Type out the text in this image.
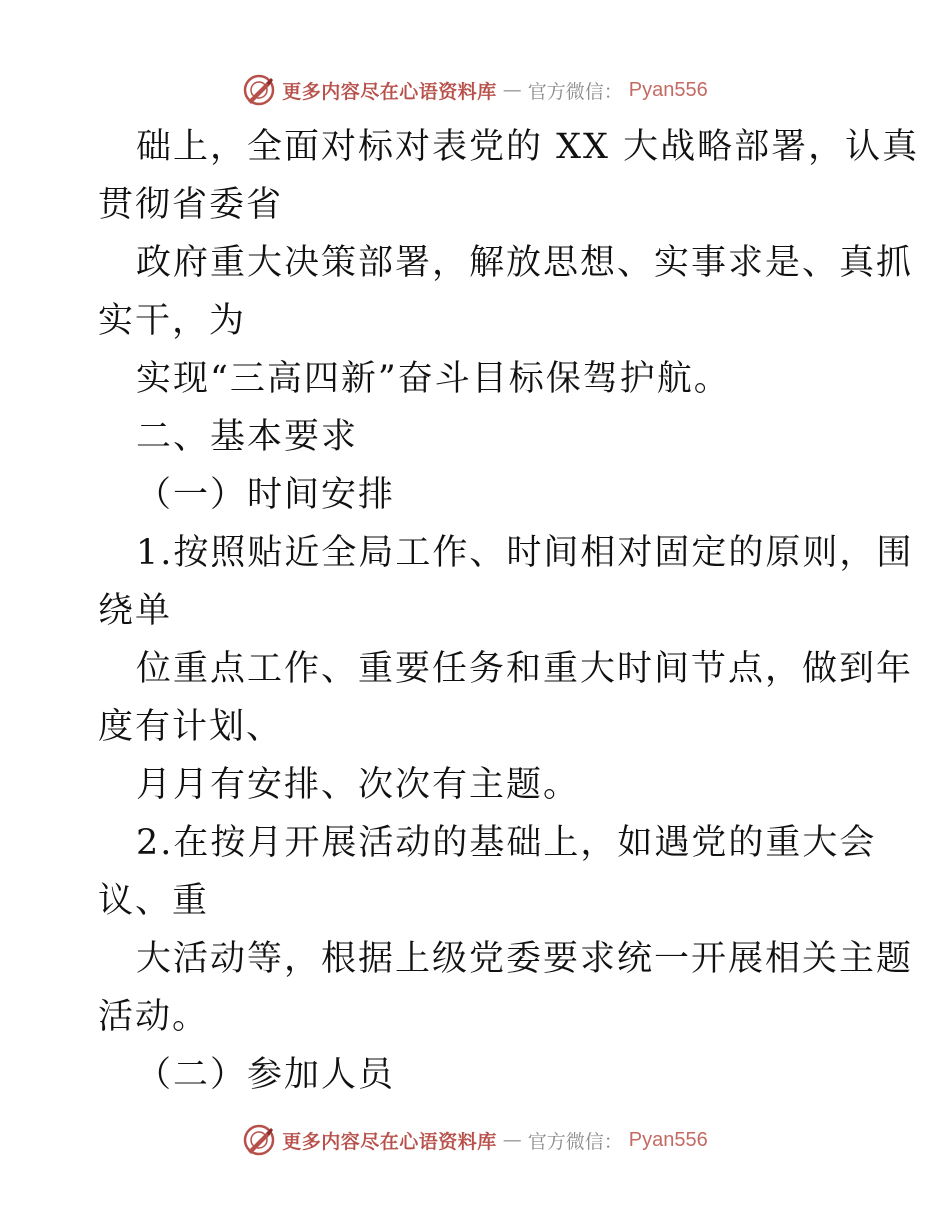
更多内容尽在心语资料库 — 官方微信： Pyan556
础上，全面对标对表党的 XX 大战略部署，认真
贯彻省委省
政府重大决策部署，解放思想、实事求是、真抓
实干，为
实现“三高四新”奋斗目标保驾护航。
二、基本要求
（一）时间安排
1.按照贴近全局工作、时间相对固定的原则，围
绕单
位重点工作、重要任务和重大时间节点，做到年
度有计划、
月月有安排、次次有主题。
2.在按月开展活动的基础上，如遇党的重大会
议、重
大活动等，根据上级党委要求统一开展相关主题
活动。
（二）参加人员
更多内容尽在心语资料库 — 官方微信： Pyan556
